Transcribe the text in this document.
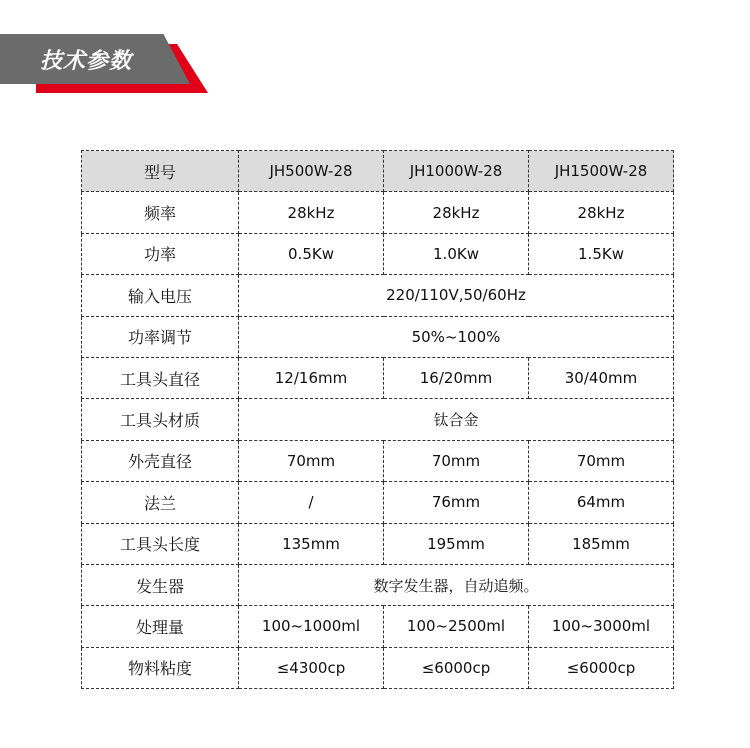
技术参数
型号	JH500W-28	JH1000W-28	JH1500W-28
频率	28kHz	28kHz	28kHz
功率	0.5Kw	1.0Kw	1.5Kw
输入电压	220/110V,50/60Hz		
功率调节	50%~100%		
工具头直径	12/16mm	16/20mm	30/40mm
工具头材质	钛合金		
外壳直径	70mm	70mm	70mm
法兰	/	76mm	64mm
工具头长度	135mm	195mm	185mm
发生器	数字发生器，自动追频。		
处理量	100~1000ml	100~2500ml	100~3000ml
物料粘度	≤4300cp	≤6000cp	≤6000cp
